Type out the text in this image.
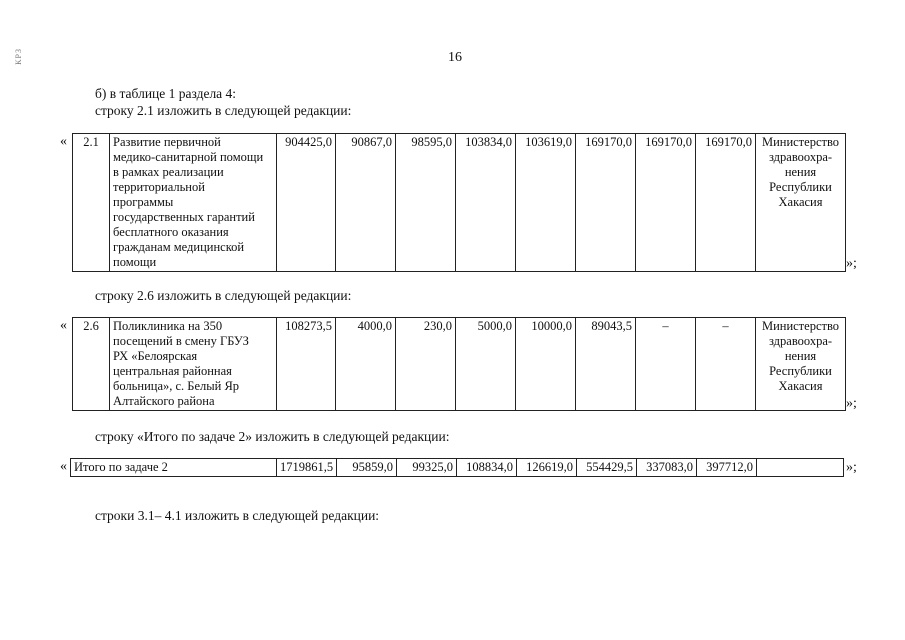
КРЗ	16
б) в таблице 1 раздела 4:
строку 2.1 изложить в следующей редакции:
« 2.1	Развитие первичной
медико-санитарной помощи
в рамках реализации
территориальной
программы
государственных гарантий
бесплатного оказания
гражданам медицинской
помощи
	904425,0	90867,0	98595,0	103834,0	103619,0	169170,0	169170,0	169170,0	Министерство
здравоохра-
нения
Республики
Хакасия
»;
строку 2.6 изложить в следующей редакции:
« 2.6	Поликлиника на 350
посещений в смену ГБУЗ
РХ «Белоярская
центральная районная
больница», с. Белый Яр
Алтайского района
	108273,5	4000,0	230,0	5000,0	10000,0	89043,5	–	–	Министерство
здравоохра-
нения
Республики
Хакасия
»;
строку «Итого по задаче 2» изложить в следующей редакции:
« Итого по задаче 2	1719861,5	95859,0	99325,0	108834,0	126619,0	554429,5	337083,0	397712,0		»;
строки 3.1– 4.1 изложить в следующей редакции:
